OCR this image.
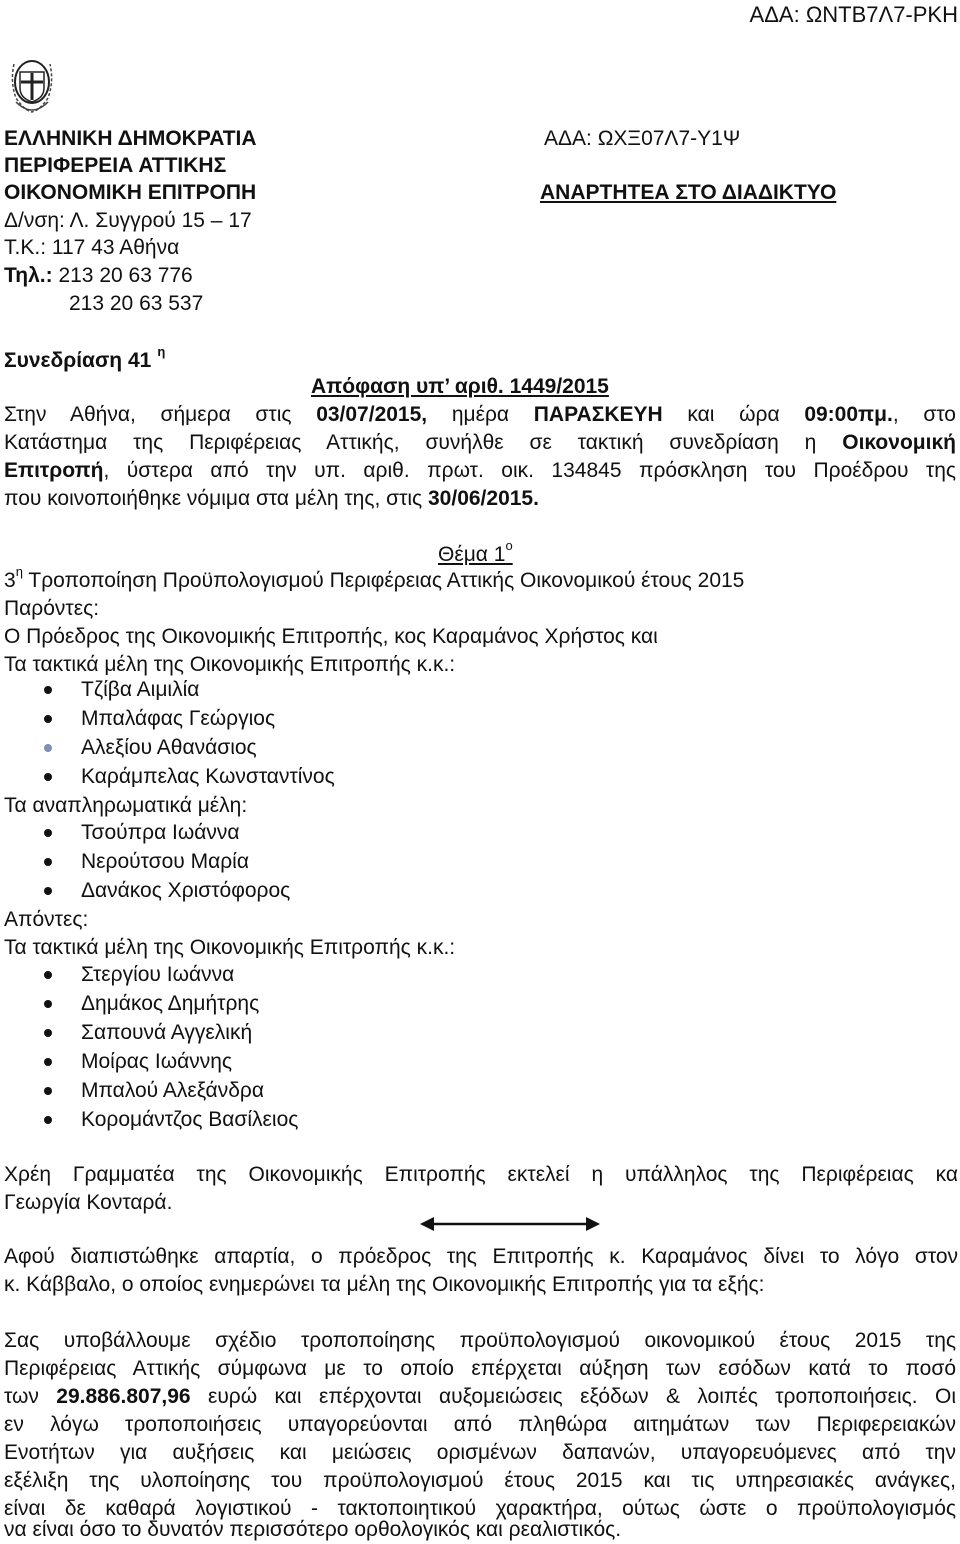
ΑΔΑ: ΩΝΤΒ7Λ7-ΡΚΗ
ΕΛΛΗΝΙΚΗ ΔΗΜΟΚΡΑΤΙΑ
ΠΕΡΙΦΕΡΕΙΑ ΑΤΤΙΚΗΣ
ΟΙΚΟΝΟΜΙΚΗ ΕΠΙΤΡΟΠΗ
Δ/νση: Λ. Συγγρού 15 – 17
Τ.Κ.: 117 43 Αθήνα
Τηλ.: 213 20 63 776
213 20 63 537
ΑΔΑ: ΩΧΞ07Λ7-Υ1Ψ
ΑΝΑΡΤΗΤΕΑ ΣΤΟ ΔΙΑΔΙΚΤΥΟ
Συνεδρίαση 41 $^\eta$
Απόφαση υπ’ αριθ. 1449/2015
Στην Αθήνα, σήμερα στις 03/07/2015, ημέρα ΠΑΡΑΣΚΕΥΗ και ώρα 09:00πμ., στο
Κατάστημα της Περιφέρειας Αττικής, συνήλθε σε τακτική συνεδρίαση η Οικονομική
Επιτροπή, ύστερα από την υπ. αριθ. πρωτ. οικ. 134845 πρόσκληση του Προέδρου της
που κοινοποιήθηκε νόμιμα στα μέλη της, στις 30/06/2015.
Θέμα $1^o$
$3^\eta$ Τροποποίηση Προϋπολογισμού Περιφέρειας Αττικής Οικονομικού έτους 2015
Παρόντες:
Ο Πρόεδρος της Οικονομικής Επιτροπής, κος Καραμάνος Χρήστος και
Τα τακτικά μέλη της Οικονομικής Επιτροπής κ.κ.:
Τζίβα Αιμιλία
Μπαλάφας Γεώργιος
Αλεξίου Αθανάσιος
Καράμπελας Κωνσταντίνος
Τα αναπληρωματικά μέλη:
Τσούπρα Ιωάννα
Νερούτσου Μαρία
Δανάκος Χριστόφορος
Απόντες:
Τα τακτικά μέλη της Οικονομικής Επιτροπής κ.κ.:
Στεργίου Ιωάννα
Δημάκος Δημήτρης
Σαπουνά Αγγελική
Μοίρας Ιωάννης
Μπαλού Αλεξάνδρα
Κορομάντζος Βασίλειος
Χρέη Γραμματέα της Οικονομικής Επιτροπής εκτελεί η υπάλληλος της Περιφέρειας κα
Γεωργία Κονταρά.
Αφού διαπιστώθηκε απαρτία, ο πρόεδρος της Επιτροπής κ. Καραμάνος δίνει το λόγο στον
κ. Κάββαλο, ο οποίος ενημερώνει τα μέλη της Οικονομικής Επιτροπής για τα εξής:
Σας υποβάλλουμε σχέδιο τροποποίησης προϋπολογισμού οικονομικού έτους 2015 της
Περιφέρειας Αττικής σύμφωνα με το οποίο επέρχεται αύξηση των εσόδων κατά το ποσό
των 29.886.807,96 ευρώ και επέρχονται αυξομειώσεις εξόδων & λοιπές τροποποιήσεις. Οι
εν λόγω τροποποιήσεις υπαγορεύονται από πληθώρα αιτημάτων των Περιφερειακών
Ενοτήτων για αυξήσεις και μειώσεις ορισμένων δαπανών, υπαγορευόμενες από την
εξέλιξη της υλοποίησης του προϋπολογισμού έτους 2015 και τις υπηρεσιακές ανάγκες,
είναι δε καθαρά λογιστικού - τακτοποιητικού χαρακτήρα, ούτως ώστε ο προϋπολογισμός
να είναι όσο το δυνατόν περισσότερο ορθολογικός και ρεαλιστικός.
